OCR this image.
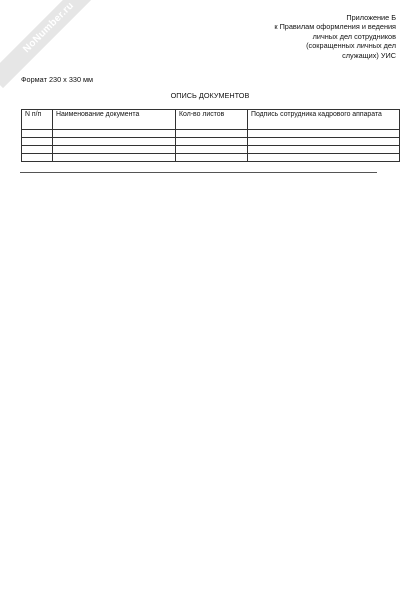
NoNumber.ru	Приложение Б
к Правилам оформления и ведения
личных дел сотрудников
(сокращенных личных дел
служащих) УИС
Формат 230 х 330 мм
ОПИСЬ ДОКУМЕНТОВ
N п/п	Наименование документа	Кол-во листов	Подпись сотрудника кадрового аппарата
